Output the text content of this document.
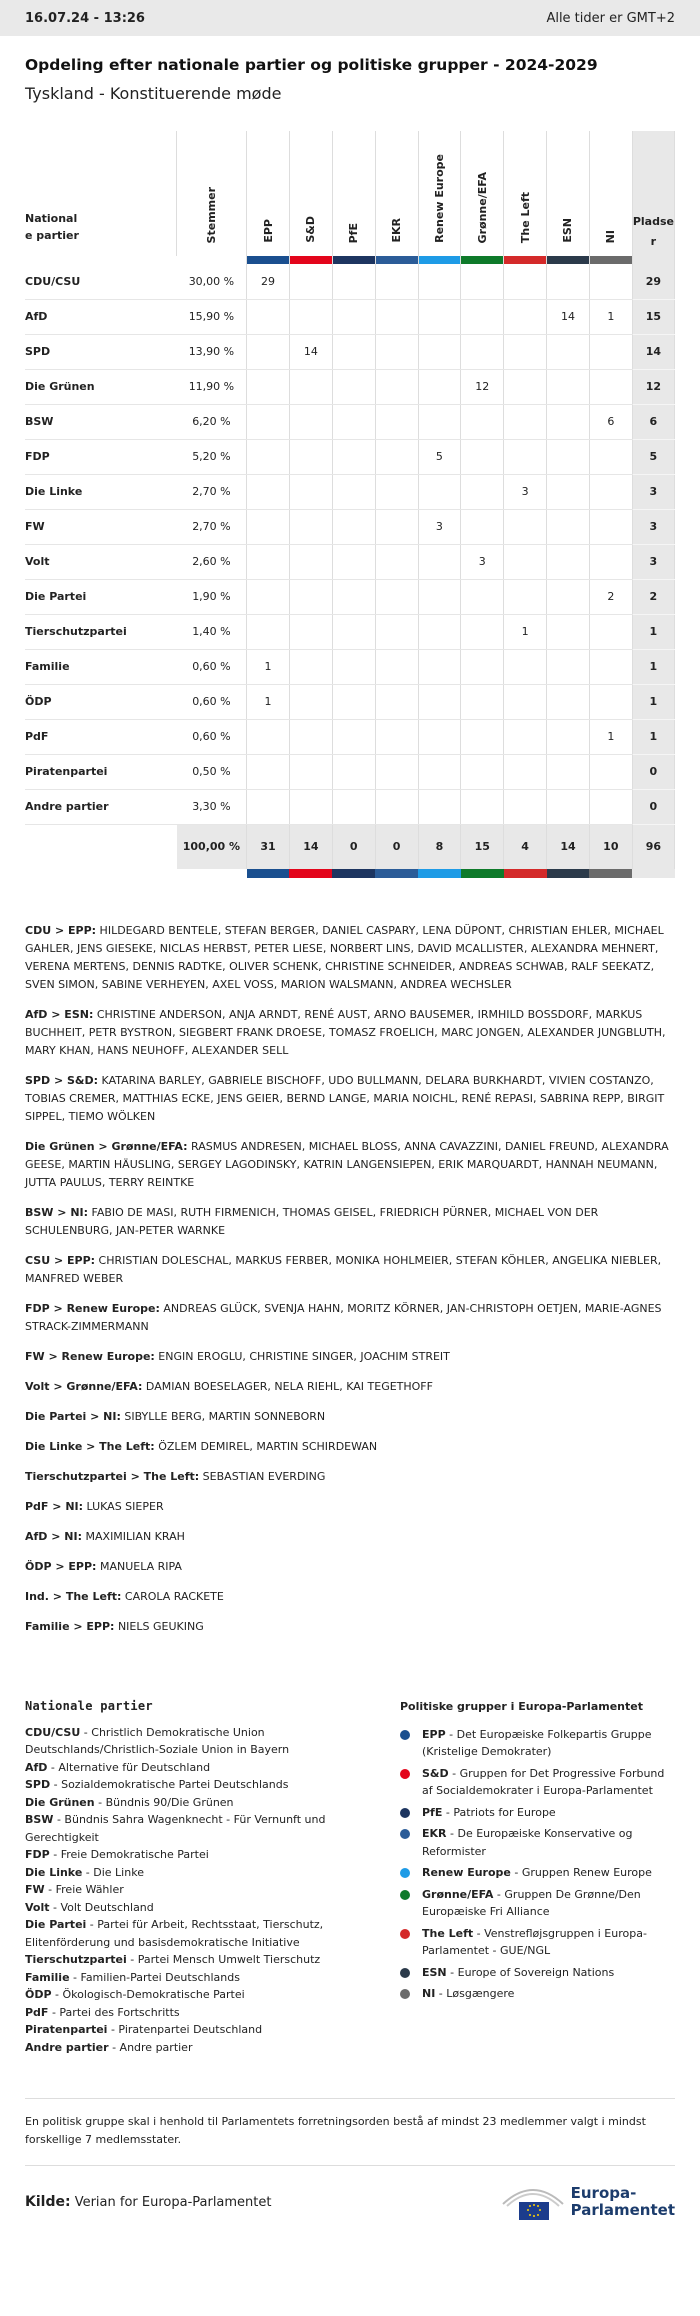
16.07.24 - 13:26	Alle tider er GMT+2
Opdeling efter nationale partier og politiske grupper - 2024-2029
Tyskland - Konstituerende møde
National
e partier	Stemmer	EPP	S&D	PfE	EKR	Renew Europe	Grønne/EFA	The Left	ESN	NI	Pladse
r

CDU/CSU	30,00 %	29									29
AfD	15,90 %								14	1	15
SPD	13,90 %		14								14
Die Grünen	11,90 %						12				12
BSW	6,20 %									6	6
FDP	5,20 %					5					5
Die Linke	2,70 %							3			3
FW	2,70 %					3					3
Volt	2,60 %						3				3
Die Partei	1,90 %									2	2
Tierschutzpartei	1,40 %							1			1
Familie	0,60 %	1									1
ÖDP	0,60 %	1									1
PdF	0,60 %									1	1
Piratenpartei	0,50 %										0
Andre partier	3,30 %										0
	100,00 %	31	14	0	0	8	15	4	14	10	96

CDU > EPP: HILDEGARD BENTELE, STEFAN BERGER, DANIEL CASPARY, LENA DÜPONT, CHRISTIAN EHLER, MICHAEL GAHLER, JENS GIESEKE, NICLAS HERBST, PETER LIESE, NORBERT LINS, DAVID MCALLISTER, ALEXANDRA MEHNERT, VERENA MERTENS, DENNIS RADTKE, OLIVER SCHENK, CHRISTINE SCHNEIDER, ANDREAS SCHWAB, RALF SEEKATZ, SVEN SIMON, SABINE VERHEYEN, AXEL VOSS, MARION WALSMANN, ANDREA WECHSLER

AfD > ESN: CHRISTINE ANDERSON, ANJA ARNDT, RENÉ AUST, ARNO BAUSEMER, IRMHILD BOSSDORF, MARKUS BUCHHEIT, PETR BYSTRON, SIEGBERT FRANK DROESE, TOMASZ FROELICH, MARC JONGEN, ALEXANDER JUNGBLUTH, MARY KHAN, HANS NEUHOFF, ALEXANDER SELL

SPD > S&D: KATARINA BARLEY, GABRIELE BISCHOFF, UDO BULLMANN, DELARA BURKHARDT, VIVIEN COSTANZO, TOBIAS CREMER, MATTHIAS ECKE, JENS GEIER, BERND LANGE, MARIA NOICHL, RENÉ REPASI, SABRINA REPP, BIRGIT SIPPEL, TIEMO WÖLKEN

Die Grünen > Grønne/EFA: RASMUS ANDRESEN, MICHAEL BLOSS, ANNA CAVAZZINI, DANIEL FREUND, ALEXANDRA GEESE, MARTIN HÄUSLING, SERGEY LAGODINSKY, KATRIN LANGENSIEPEN, ERIK MARQUARDT, HANNAH NEUMANN, JUTTA PAULUS, TERRY REINTKE

BSW > NI: FABIO DE MASI, RUTH FIRMENICH, THOMAS GEISEL, FRIEDRICH PÜRNER, MICHAEL VON DER SCHULENBURG, JAN-PETER WARNKE

CSU > EPP: CHRISTIAN DOLESCHAL, MARKUS FERBER, MONIKA HOHLMEIER, STEFAN KÖHLER, ANGELIKA NIEBLER, MANFRED WEBER

FDP > Renew Europe: ANDREAS GLÜCK, SVENJA HAHN, MORITZ KÖRNER, JAN-CHRISTOPH OETJEN, MARIE-AGNES STRACK-ZIMMERMANN

FW > Renew Europe: ENGIN EROGLU, CHRISTINE SINGER, JOACHIM STREIT

Volt > Grønne/EFA: DAMIAN BOESELAGER, NELA RIEHL, KAI TEGETHOFF

Die Partei > NI: SIBYLLE BERG, MARTIN SONNEBORN

Die Linke > The Left: ÖZLEM DEMIREL, MARTIN SCHIRDEWAN

Tierschutzpartei > The Left: SEBASTIAN EVERDING

PdF > NI: LUKAS SIEPER

AfD > NI: MAXIMILIAN KRAH

ÖDP > EPP: MANUELA RIPA

Ind. > The Left: CAROLA RACKETE

Familie > EPP: NIELS GEUKING

Nationale partier
CDU/CSU - Christlich Demokratische Union Deutschlands/Christlich-Soziale Union in Bayern
AfD - Alternative für Deutschland
SPD - Sozialdemokratische Partei Deutschlands
Die Grünen - Bündnis 90/Die Grünen
BSW - Bündnis Sahra Wagenknecht - Für Vernunft und Gerechtigkeit
FDP - Freie Demokratische Partei
Die Linke - Die Linke
FW - Freie Wähler
Volt - Volt Deutschland
Die Partei - Partei für Arbeit, Rechtsstaat, Tierschutz, Elitenförderung und basisdemokratische Initiative
Tierschutzpartei - Partei Mensch Umwelt Tierschutz
Familie - Familien-Partei Deutschlands
ÖDP - Ökologisch-Demokratische Partei
PdF - Partei des Fortschritts
Piratenpartei - Piratenpartei Deutschland
Andre partier - Andre partier
Politiske grupper i Europa-Parlamentet
EPP - Det Europæiske Folkepartis Gruppe (Kristelige Demokrater)
S&D - Gruppen for Det Progressive Forbund af Socialdemokrater i Europa-Parlamentet
PfE - Patriots for Europe
EKR - De Europæiske Konservative og Reformister
Renew Europe - Gruppen Renew Europe
Grønne/EFA - Gruppen De Grønne/Den Europæiske Fri Alliance
The Left - Venstrefløjsgruppen i Europa-Parlamentet - GUE/NGL
ESN - Europe of Sovereign Nations
NI - Løsgængere
En politisk gruppe skal i henhold til Parlamentets forretningsorden bestå af mindst 23 medlemmer valgt i mindst forskellige 7 medlemsstater.
Kilde: Verian for Europa-Parlamentet
Europa-
Parlamentet
